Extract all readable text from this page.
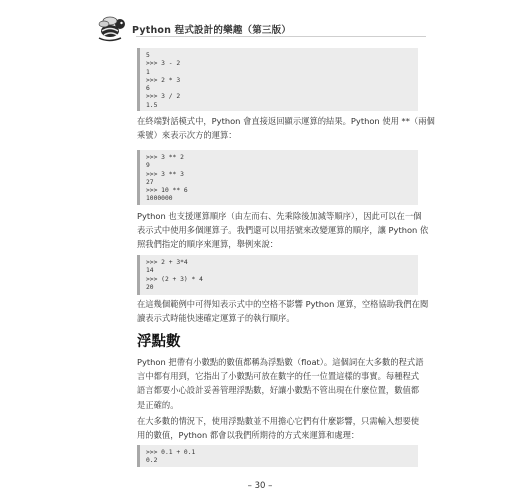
Python 程式設計的樂趣（第三版）
5
>>> 3 - 2
1
>>> 2 * 3
6
>>> 3 / 2
1.5
在終端對話模式中，Python 會直接返回顯示運算的結果。Python 使用 **（兩個
乘號）來表示次方的運算：
>>> 3 ** 2
9
>>> 3 ** 3
27
>>> 10 ** 6
1000000
Python 也支援運算順序（由左而右、先乘除後加減等順序），因此可以在一個
表示式中使用多個運算子。我們還可以用括號來改變運算的順序，讓 Python 依
照我們指定的順序來運算，舉例來說：
>>> 2 + 3*4
14
>>> (2 + 3) * 4
20
在這幾個範例中可得知表示式中的空格不影響 Python 運算，空格協助我們在閱
讀表示式時能快速確定運算子的執行順序。
浮點數
Python 把帶有小數點的數值都稱為浮點數（float）。這個詞在大多數的程式語
言中都有用到，它指出了小數點可放在數字的任一位置這樣的事實。每種程式
語言都要小心設計妥善管理浮點數，好讓小數點不管出現在什麼位置，數值都
是正確的。
在大多數的情況下，使用浮點數並不用擔心它們有什麼影響，只需輸入想要使
用的數值，Python 都會以我們所期待的方式來運算和處理：
>>> 0.1 + 0.1
0.2
– 30 –
